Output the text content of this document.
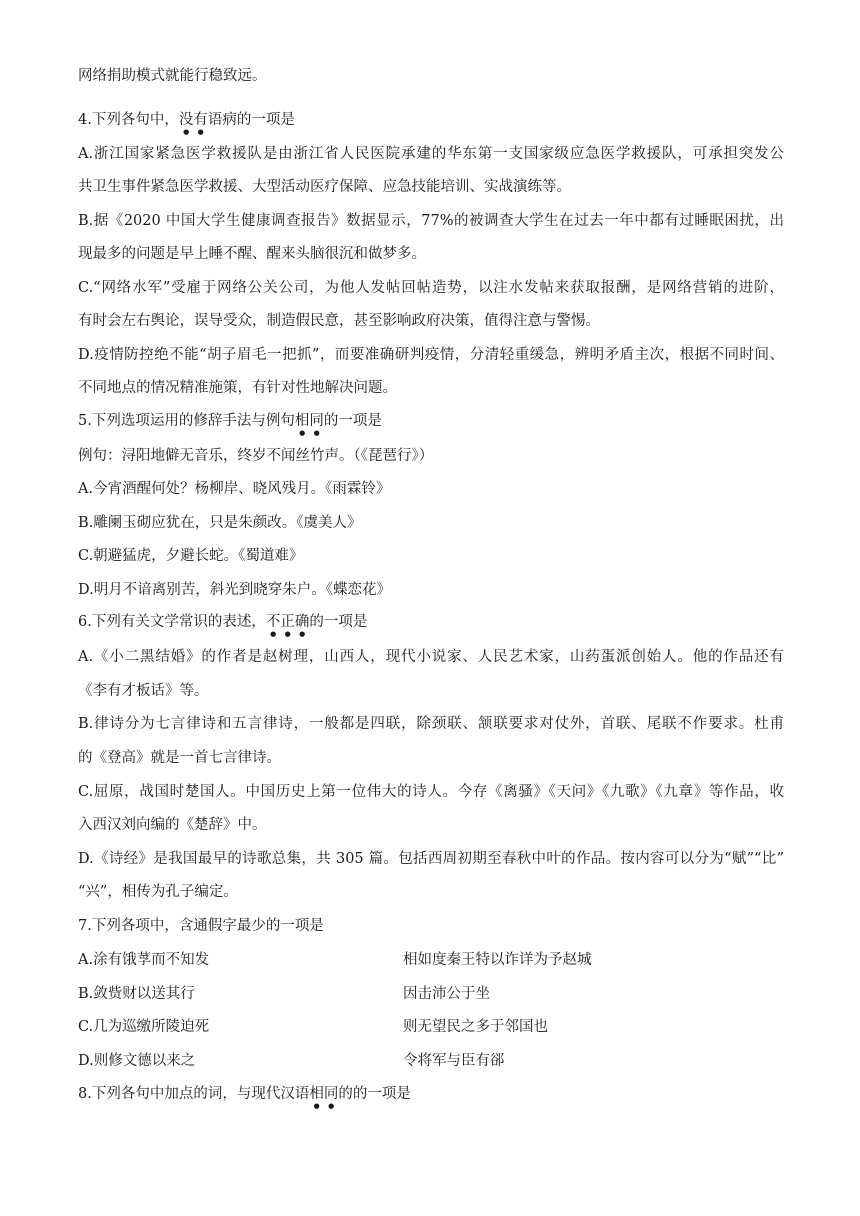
网络捐助模式就能行稳致远。

4.下列各句中，没有语病的一项是

A.浙江国家紧急医学救援队是由浙江省人民医院承建的华东第一支国家级应急医学救援队，可承担突发公

共卫生事件紧急医学救援、大型活动医疗保障、应急技能培训、实战演练等。

B.据《2020 中国大学生健康调查报告》数据显示，77%的被调查大学生在过去一年中都有过睡眠困扰，出

现最多的问题是早上睡不醒、醒来头脑很沉和做梦多。

C.“网络水军”受雇于网络公关公司，为他人发帖回帖造势，以注水发帖来获取报酬，是网络营销的进阶，

有时会左右舆论，误导受众，制造假民意，甚至影响政府决策，值得注意与警惕。

D.疫情防控绝不能“胡子眉毛一把抓”，而要准确研判疫情，分清轻重缓急，辨明矛盾主次，根据不同时间、

不同地点的情况精准施策，有针对性地解决问题。

5.下列选项运用的修辞手法与例句相同的一项是

例句：浔阳地僻无音乐，终岁不闻丝竹声。（《琵琶行》）

A.今宵酒醒何处？杨柳岸、晓风残月。《雨霖铃》

B.雕阑玉砌应犹在，只是朱颜改。《虞美人》

C.朝避猛虎，夕避长蛇。《蜀道难》

D.明月不谙离别苦，斜光到晓穿朱户。《蝶恋花》

6.下列有关文学常识的表述，不正确的一项是

A.《小二黑结婚》的作者是赵树理，山西人，现代小说家、人民艺术家，山药蛋派创始人。他的作品还有

《李有才板话》等。

B.律诗分为七言律诗和五言律诗，一般都是四联，除颈联、颔联要求对仗外，首联、尾联不作要求。杜甫

的《登高》就是一首七言律诗。

C.屈原，战国时楚国人。中国历史上第一位伟大的诗人。今存《离骚》《天问》《九歌》《九章》等作品，收

入西汉刘向编的《楚辞》中。

D.《诗经》是我国最早的诗歌总集，共 305 篇。包括西周初期至春秋中叶的作品。按内容可以分为“赋”“比”

“兴”，相传为孔子编定。

7.下列各项中，含通假字最少的一项是

A.涂有饿莩而不知发	相如度秦王特以诈详为予赵城

B.敛赀财以送其行	因击沛公于坐

C.几为巡缴所陵迫死	则无望民之多于邻国也

D.则修文德以来之	令将军与臣有郤

8.下列各句中加点的词，与现代汉语相同的的一项是
